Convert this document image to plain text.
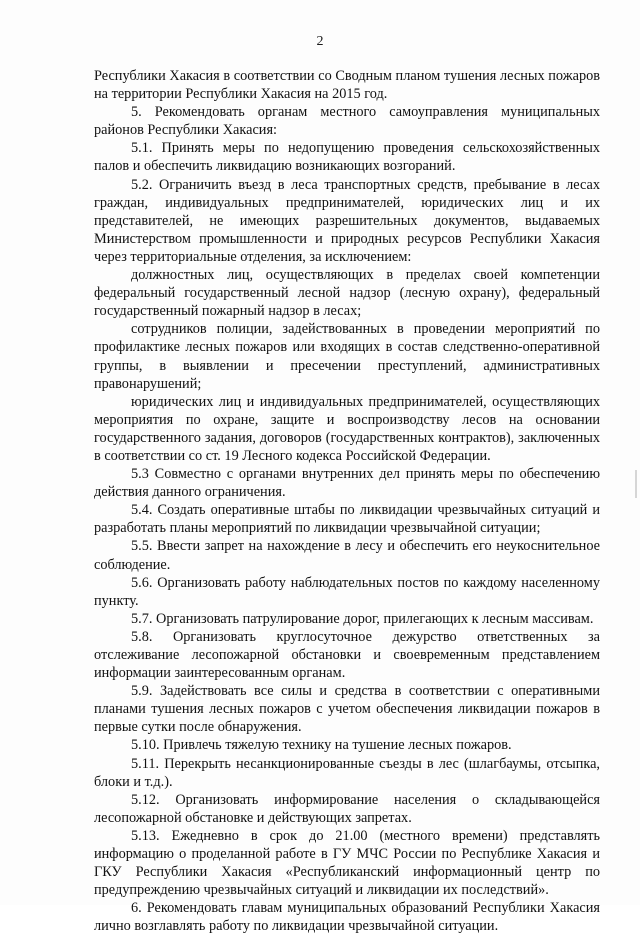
2

Республики Хакасия в соответствии со Сводным планом тушения лесных пожаров на территории Республики Хакасия на 2015 год.

5. Рекомендовать органам местного самоуправления муниципальных районов Республики Хакасия:

5.1. Принять меры по недопущению проведения сельскохозяйственных палов и обеспечить ликвидацию возникающих возгораний.

5.2. Ограничить въезд в леса транспортных средств, пребывание в лесах граждан, индивидуальных предпринимателей, юридических лиц и их представителей, не имеющих разрешительных документов, выдаваемых Министерством промышленности и природных ресурсов Республики Хакасия через территориальные отделения, за исключением:

должностных лиц, осуществляющих в пределах своей компетенции федеральный государственный лесной надзор (лесную охрану), федеральный государственный пожарный надзор в лесах;

сотрудников полиции, задействованных в проведении мероприятий по профилактике лесных пожаров или входящих в состав следственно-оперативной группы, в выявлении и пресечении преступлений, административных правонарушений;

юридических лиц и индивидуальных предпринимателей, осуществляющих мероприятия по охране, защите и воспроизводству лесов на основании государственного задания, договоров (государственных контрактов), заключенных в соответствии со ст. 19 Лесного кодекса Российской Федерации.

5.3 Совместно с органами внутренних дел принять меры по обеспечению действия данного ограничения.

5.4. Создать оперативные штабы по ликвидации чрезвычайных ситуаций и разработать планы мероприятий по ликвидации чрезвычайной ситуации;

5.5. Ввести запрет на нахождение в лесу и обеспечить его неукоснительное соблюдение.

5.6. Организовать работу наблюдательных постов по каждому населенному пункту.

5.7. Организовать патрулирование дорог, прилегающих к лесным массивам.

5.8. Организовать круглосуточное дежурство ответственных за отслеживание лесопожарной обстановки и своевременным представлением информации заинтересованным органам.

5.9. Задействовать все силы и средства в соответствии с оперативными планами тушения лесных пожаров с учетом обеспечения ликвидации пожаров в первые сутки после обнаружения.

5.10. Привлечь тяжелую технику на тушение лесных пожаров.

5.11. Перекрыть несанкционированные съезды в лес (шлагбаумы, отсыпка, блоки и т.д.).

5.12. Организовать информирование населения о складывающейся лесопожарной обстановке и действующих запретах.

5.13. Ежедневно в срок до 21.00 (местного времени) представлять информацию о проделанной работе в ГУ МЧС России по Республике Хакасия и ГКУ Республики Хакасия «Республиканский информационный центр по предупреждению чрезвычайных ситуаций и ликвидации их последствий».

6. Рекомендовать главам муниципальных образований Республики Хакасия лично возглавлять работу по ликвидации чрезвычайной ситуации.
